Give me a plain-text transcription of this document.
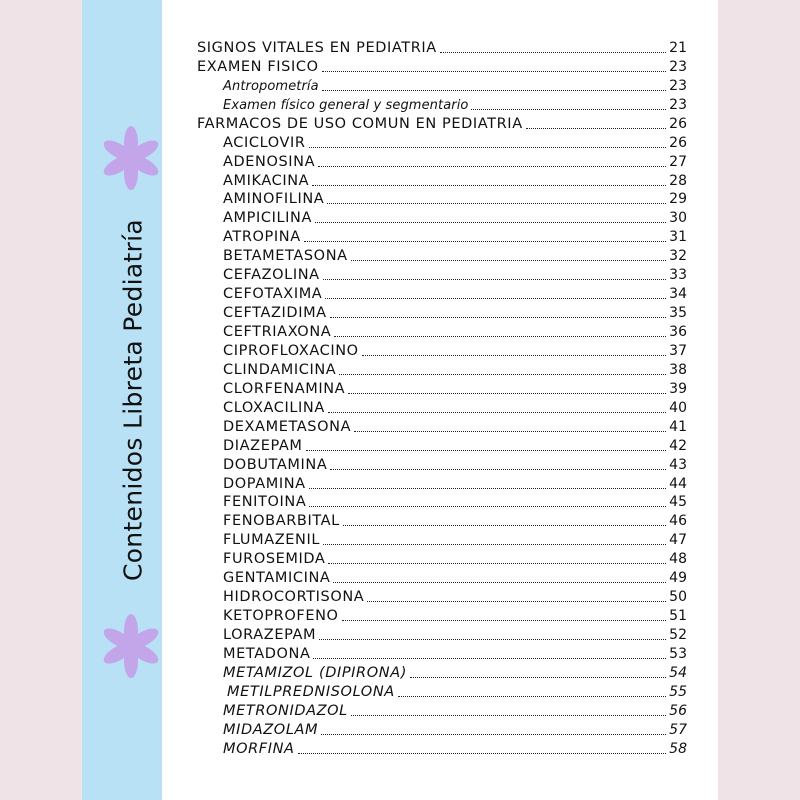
Contenidos Libreta Pediatría
SIGNOS VITALES EN PEDIATRIA	21
EXAMEN FISICO	23
Antropometría	23
Examen físico general y segmentario	23
FARMACOS DE USO COMUN EN PEDIATRIA	26
ACICLOVIR	26
ADENOSINA	27
AMIKACINA	28
AMINOFILINA	29
AMPICILINA	30
ATROPINA	31
BETAMETASONA	32
CEFAZOLINA	33
CEFOTAXIMA	34
CEFTAZIDIMA	35
CEFTRIAXONA	36
CIPROFLOXACINO	37
CLINDAMICINA	38
CLORFENAMINA	39
CLOXACILINA	40
DEXAMETASONA	41
DIAZEPAM	42
DOBUTAMINA	43
DOPAMINA	44
FENITOINA	45
FENOBARBITAL	46
FLUMAZENIL	47
FUROSEMIDA	48
GENTAMICINA	49
HIDROCORTISONA	50
KETOPROFENO	51
LORAZEPAM	52
METADONA	53
METAMIZOL (DIPIRONA)	54
METILPREDNISOLONA	55
METRONIDAZOL	56
MIDAZOLAM	57
MORFINA	58
